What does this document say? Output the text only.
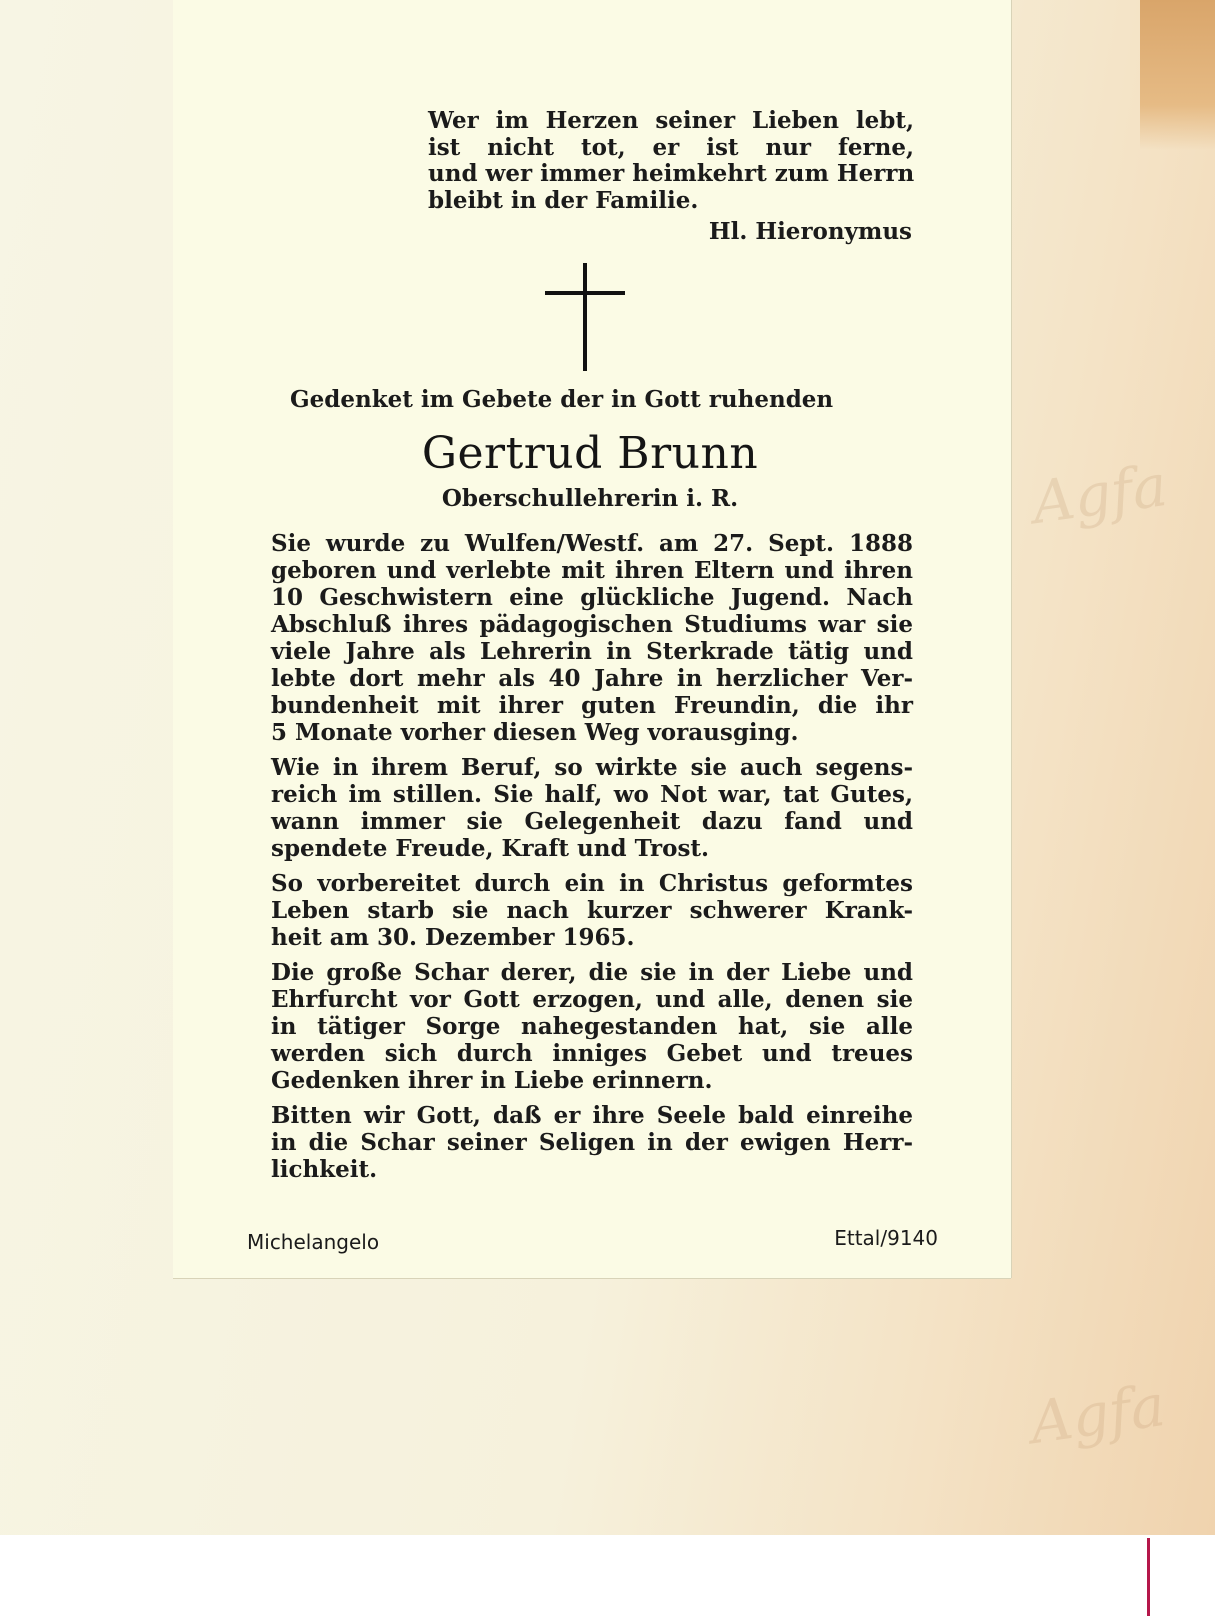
Agfa
Agfa
Wer im Herzen seiner Lieben lebt,
ist nicht tot, er ist nur ferne,
und wer immer heimkehrt zum Herrn
bleibt in der Familie.
Hl. Hieronymus
Gedenket im Gebete der in Gott ruhenden
Gertrud Brunn
Oberschullehrerin i. R.
Sie wurde zu Wulfen/Westf. am 27. Sept. 1888
geboren und verlebte mit ihren Eltern und ihren
10 Geschwistern eine glückliche Jugend. Nach
Abschluß ihres pädagogischen Studiums war sie
viele Jahre als Lehrerin in Sterkrade tätig und
lebte dort mehr als 40 Jahre in herzlicher Ver-
bundenheit mit ihrer guten Freundin, die ihr
5 Monate vorher diesen Weg vorausging.
Wie in ihrem Beruf, so wirkte sie auch segens-
reich im stillen. Sie half, wo Not war, tat Gutes,
wann immer sie Gelegenheit dazu fand und
spendete Freude, Kraft und Trost.
So vorbereitet durch ein in Christus geformtes
Leben starb sie nach kurzer schwerer Krank-
heit am 30. Dezember 1965.
Die große Schar derer, die sie in der Liebe und
Ehrfurcht vor Gott erzogen, und alle, denen sie
in tätiger Sorge nahegestanden hat, sie alle
werden sich durch inniges Gebet und treues
Gedenken ihrer in Liebe erinnern.
Bitten wir Gott, daß er ihre Seele bald einreihe
in die Schar seiner Seligen in der ewigen Herr-
lichkeit.
Michelangelo	Ettal/9140
